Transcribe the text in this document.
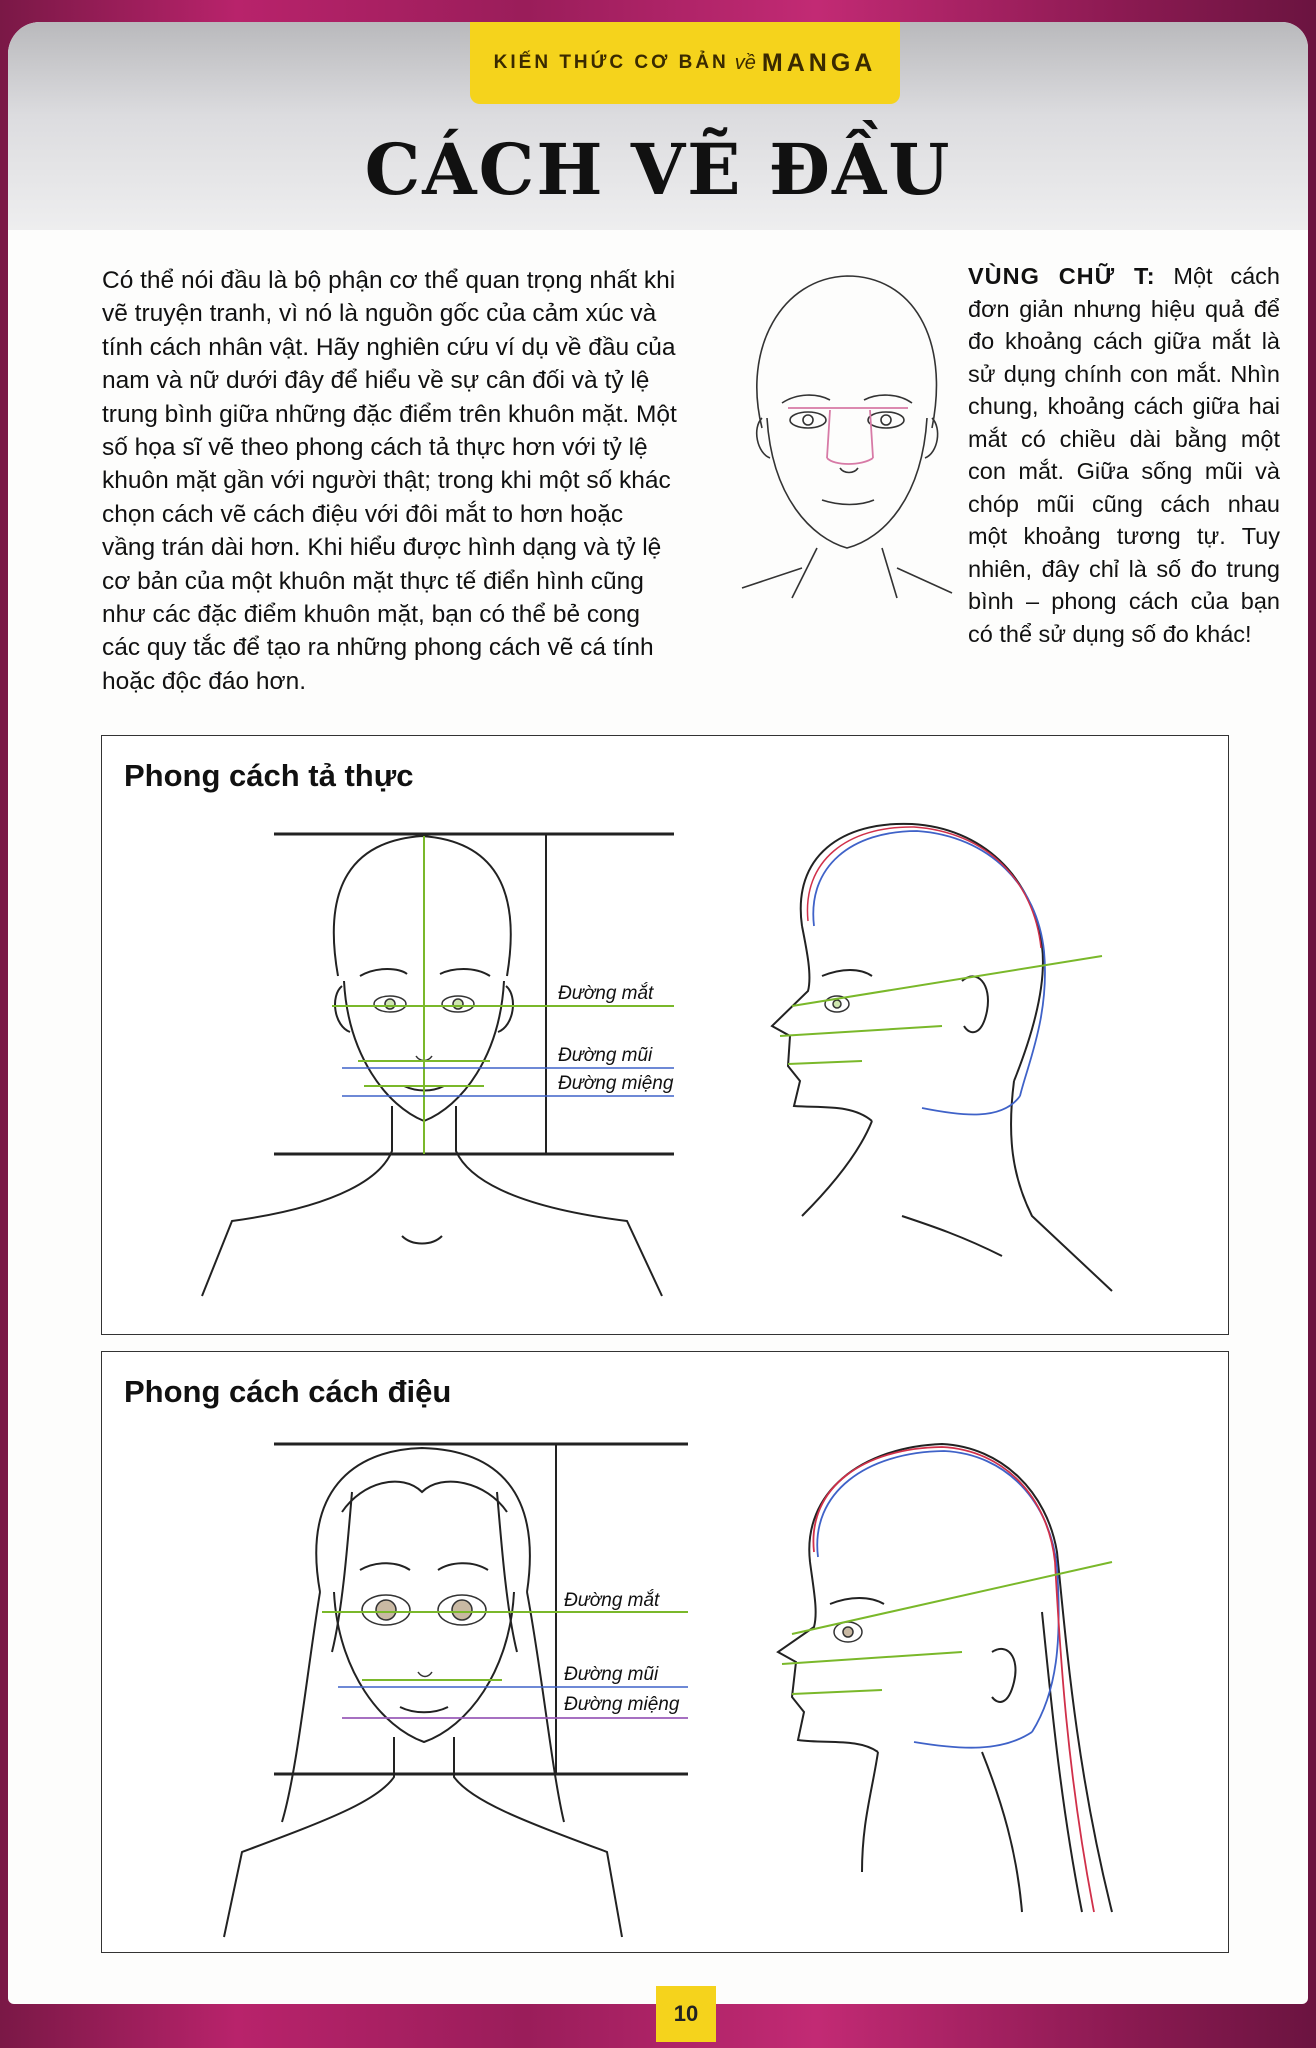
KIẾN THỨC CƠ BẢN về MANGA
CÁCH VẼ ĐẦU

Có thể nói đầu là bộ phận cơ thể quan trọng nhất khi vẽ truyện tranh, vì nó là nguồn gốc của cảm xúc và tính cách nhân vật. Hãy nghiên cứu ví dụ về đầu của nam và nữ dưới đây để hiểu về sự cân đối và tỷ lệ trung bình giữa những đặc điểm trên khuôn mặt. Một số họa sĩ vẽ theo phong cách tả thực hơn với tỷ lệ khuôn mặt gần với người thật; trong khi một số khác chọn cách vẽ cách điệu với đôi mắt to hơn hoặc vầng trán dài hơn. Khi hiểu được hình dạng và tỷ lệ cơ bản của một khuôn mặt thực tế điển hình cũng như các đặc điểm khuôn mặt, bạn có thể bẻ cong các quy tắc để tạo ra những phong cách vẽ cá tính hoặc độc đáo hơn.

VÙNG CHỮ T: Một cách đơn giản nhưng hiệu quả để đo khoảng cách giữa mắt là sử dụng chính con mắt. Nhìn chung, khoảng cách giữa hai mắt có chiều dài bằng một con mắt. Giữa sống mũi và chóp mũi cũng cách nhau một khoảng tương tự. Tuy nhiên, đây chỉ là số đo trung bình – phong cách của bạn có thể sử dụng số đo khác!

Phong cách tả thực
Đường mắt
Đường mũi
Đường miệng
Phong cách cách điệu
Đường mắt
Đường mũi
Đường miệng
10
